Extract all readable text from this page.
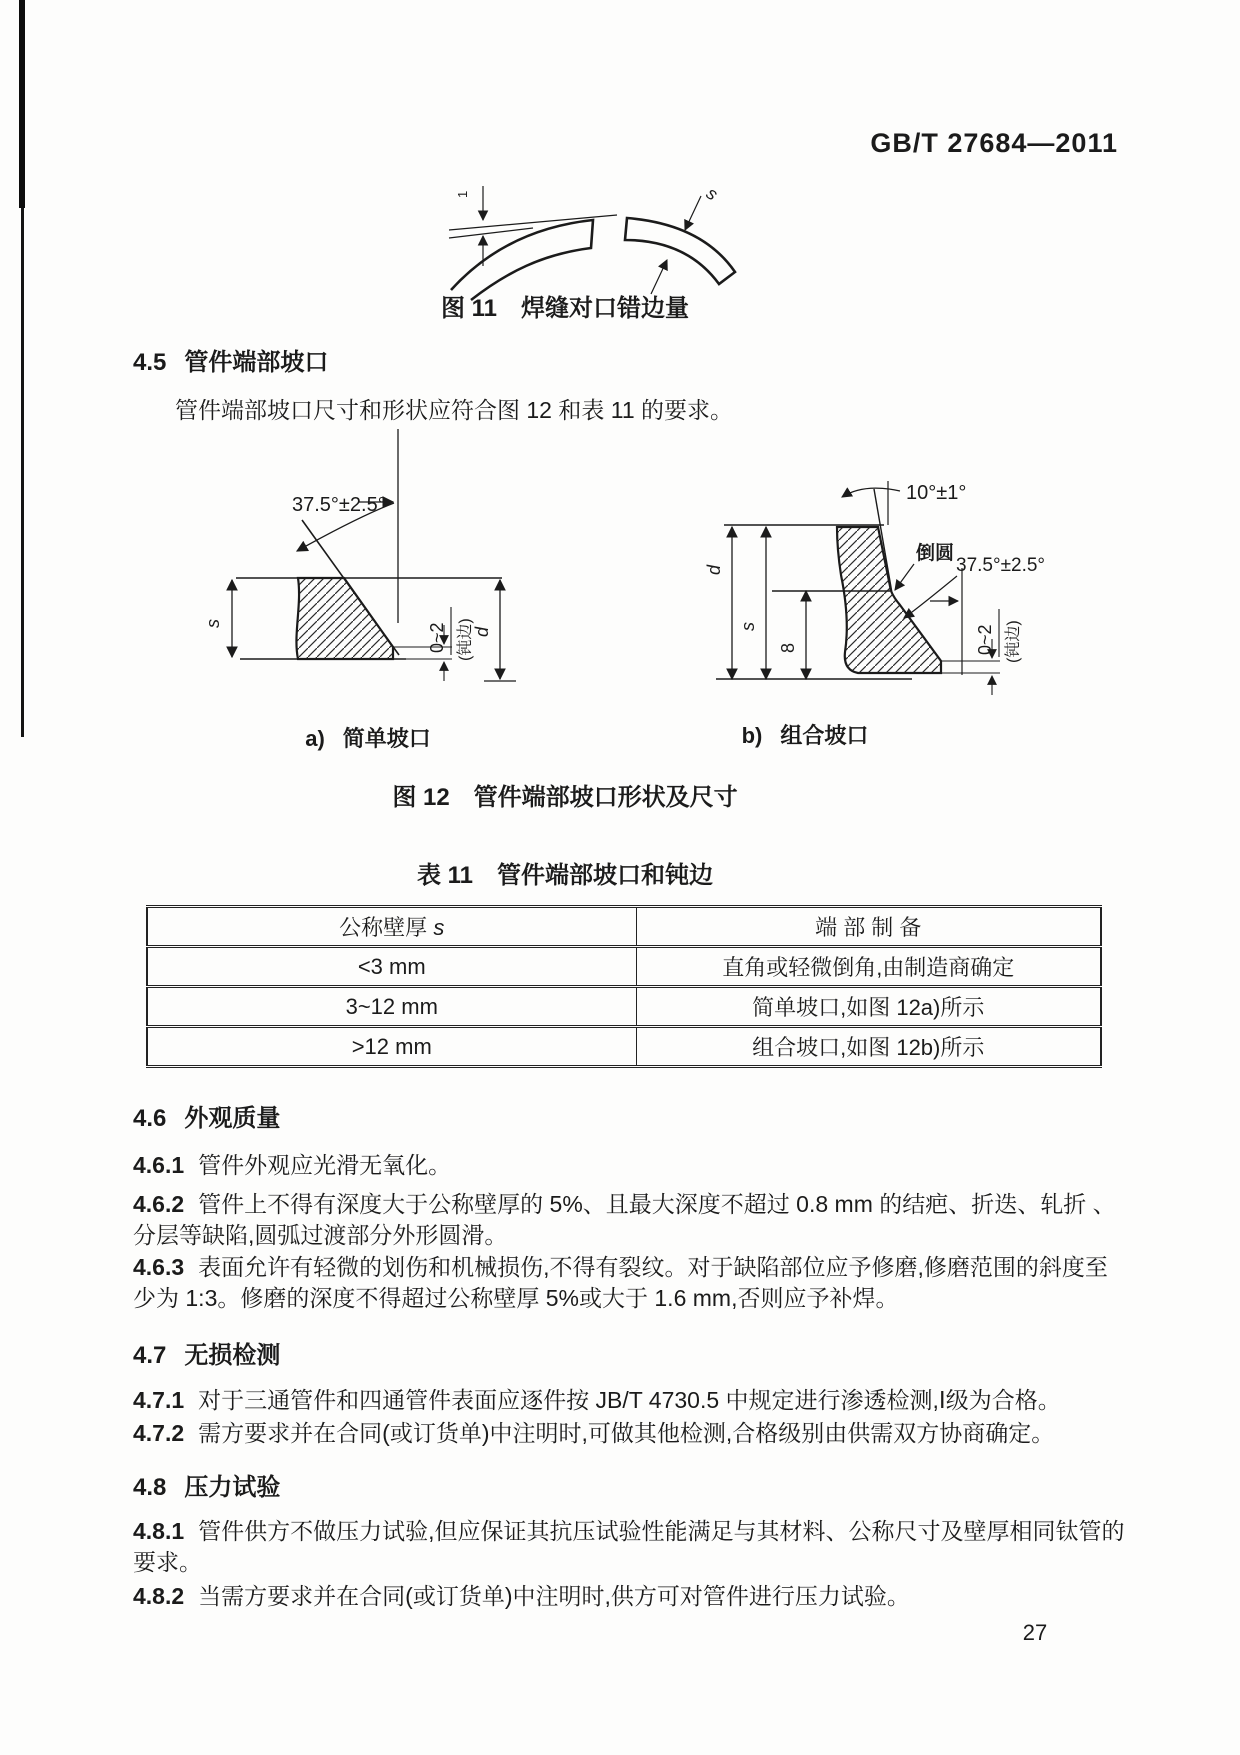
GB/T 27684—2011
1	s
图 11　焊缝对口错边量
4.5 管件端部坡口
管件端部坡口尺寸和形状应符合图 12 和表 11 的要求。
37.5°±2.5°
s	0~2 (钝边)
d
10°±1°
倒圆
37.5°±2.5°
d
s
8	0~2 (钝边)
a) 简单坡口	b) 组合坡口
图 12　管件端部坡口形状及尺寸
表 11　管件端部坡口和钝边
公称壁厚 s	端 部 制 备
<3 mm	直角或轻微倒角,由制造商确定
3~12 mm	简单坡口,如图 12a)所示
>12 mm	组合坡口,如图 12b)所示
4.6 外观质量
4.6.1 管件外观应光滑无氧化。
4.6.2 管件上不得有深度大于公称壁厚的 5%、且最大深度不超过 0.8 mm 的结疤、折迭、轧折 、分层等缺陷,圆弧过渡部分外形圆滑。
4.6.3 表面允许有轻微的划伤和机械损伤,不得有裂纹。对于缺陷部位应予修磨,修磨范围的斜度至少为 1:3。修磨的深度不得超过公称壁厚 5%或大于 1.6 mm,否则应予补焊。
4.7 无损检测
4.7.1 对于三通管件和四通管件表面应逐件按 JB/T 4730.5 中规定进行渗透检测,Ⅰ级为合格。
4.7.2 需方要求并在合同(或订货单)中注明时,可做其他检测,合格级别由供需双方协商确定。
4.8 压力试验
4.8.1 管件供方不做压力试验,但应保证其抗压试验性能满足与其材料、公称尺寸及壁厚相同钛管的要求。
4.8.2 当需方要求并在合同(或订货单)中注明时,供方可对管件进行压力试验。
27
